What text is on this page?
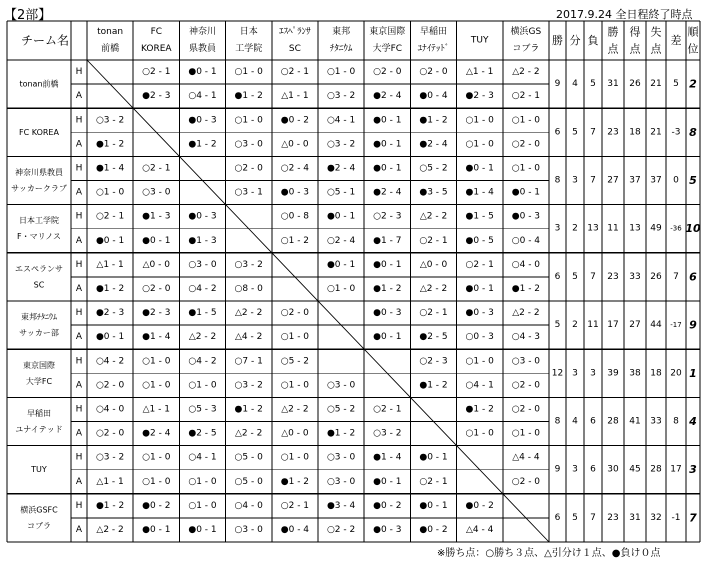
【2部】	2017.9.24 全日程終了時点
※勝ち点：○勝ち３点、△引分け１点、●負け０点
チーム名
tonan
前橋
FC
KOREA
神奈川
県教員
日本
工学院
ｴｽﾍﾟﾗﾝｻ
SC
東邦
ﾁﾀﾆｳﾑ
東京国際
大学FC
早稲田
ﾕﾅｲﾃｯﾄﾞ
TUY
横浜GS
コブラ
勝 分 負
勝
点
得
点
失
点
差
順
位
tonan前橋
H
A
○2 - 1
●2 - 3
●0 - 1
○4 - 1
○1 - 0
●1 - 2
○2 - 1
△1 - 1
○1 - 0
○3 - 2
○2 - 0
●2 - 4
○2 - 0
●0 - 4
△1 - 1
●2 - 3
△2 - 2
○2 - 1
9 4 5 31 26 21 5 2
FC KOREA
H
A
○3 - 2
●1 - 2
●0 - 3
●1 - 2
○1 - 0
○3 - 0
●0 - 2
△0 - 0
○4 - 1
○3 - 2
●0 - 1
●0 - 1
●1 - 2
●2 - 4
○1 - 0
○1 - 0
○1 - 0
○2 - 0
6 5 7 23 18 21 -3 8
神奈川県教員
サッカークラブ
H
A
●1 - 4
○1 - 0
○2 - 1
○3 - 0
○2 - 0
○3 - 1
○2 - 4
●0 - 3
●2 - 4
○5 - 1
●0 - 1
●2 - 4
○5 - 2
●3 - 5
●0 - 1
●1 - 4
○1 - 0
●0 - 1
8 3 7 27 37 37 0 5
日本工学院
F・マリノス
H
A
○2 - 1
●0 - 1
●1 - 3
●0 - 1
●0 - 3
●1 - 3
○0 - 8
○1 - 2
●0 - 1
○2 - 4
○2 - 3
●1 - 7
△2 - 2
○2 - 1
●1 - 5
●0 - 5
●0 - 3
○0 - 4
3 2 13 11 13 49 -36 10
エスペランサ
SC
H
A
△1 - 1
●1 - 2
△0 - 0
○2 - 0
○3 - 0
○4 - 2
○3 - 2
○8 - 0
●0 - 1
○1 - 0
●0 - 1
●1 - 2
△0 - 0
△2 - 2
○2 - 1
●0 - 1
○4 - 0
●1 - 2
6 5 7 23 33 26 7 6
東邦ﾁﾀﾆｳﾑ
サッカー部
H
A
●2 - 3
●0 - 1
●2 - 3
●1 - 4
●1 - 5
△2 - 2
△2 - 2
△4 - 2
○2 - 0
○1 - 0
●0 - 3
●0 - 1
○2 - 1
●2 - 5
●0 - 3
○0 - 3
△2 - 2
○4 - 3
5 2 11 17 27 44 -17 9
東京国際
大学FC
H
A
○4 - 2
○2 - 0
○1 - 0
○1 - 0
○4 - 2
○1 - 0
○7 - 1
○3 - 2
○5 - 2
○1 - 0 ○3 - 0
○2 - 3
●1 - 2
○1 - 0
○4 - 1
○3 - 0
○2 - 0
12 3 3 39 38 18 20 1
早稲田
ユナイテッド
H
A
○4 - 0
○2 - 0
△1 - 1
●2 - 4
○5 - 3
●2 - 5
●1 - 2
△2 - 2
△2 - 2
△0 - 0
○5 - 2
●1 - 2
○2 - 1
○3 - 2
●1 - 2
○1 - 0
○2 - 0
○1 - 0
8 4 6 28 41 33 8 4
TUY
H
A
○3 - 2
△1 - 1
○1 - 0
○1 - 0
○4 - 1
○1 - 0
○5 - 0
○5 - 0
○1 - 0
●1 - 2
○3 - 0
○3 - 0
●1 - 4
●0 - 1
●0 - 1
○2 - 1
△4 - 4
○2 - 0
9 3 6 30 45 28 17 3
横浜GSFC
コブラ
H
A
●1 - 2
△2 - 2
●0 - 2
●0 - 1
○1 - 0
●0 - 1
○4 - 0
○3 - 0
○2 - 1
●0 - 4
●3 - 4
○2 - 2
●0 - 2
●0 - 3
●0 - 1
●0 - 2
●0 - 2
△4 - 4
6 5 7 23 31 32 -1 7
